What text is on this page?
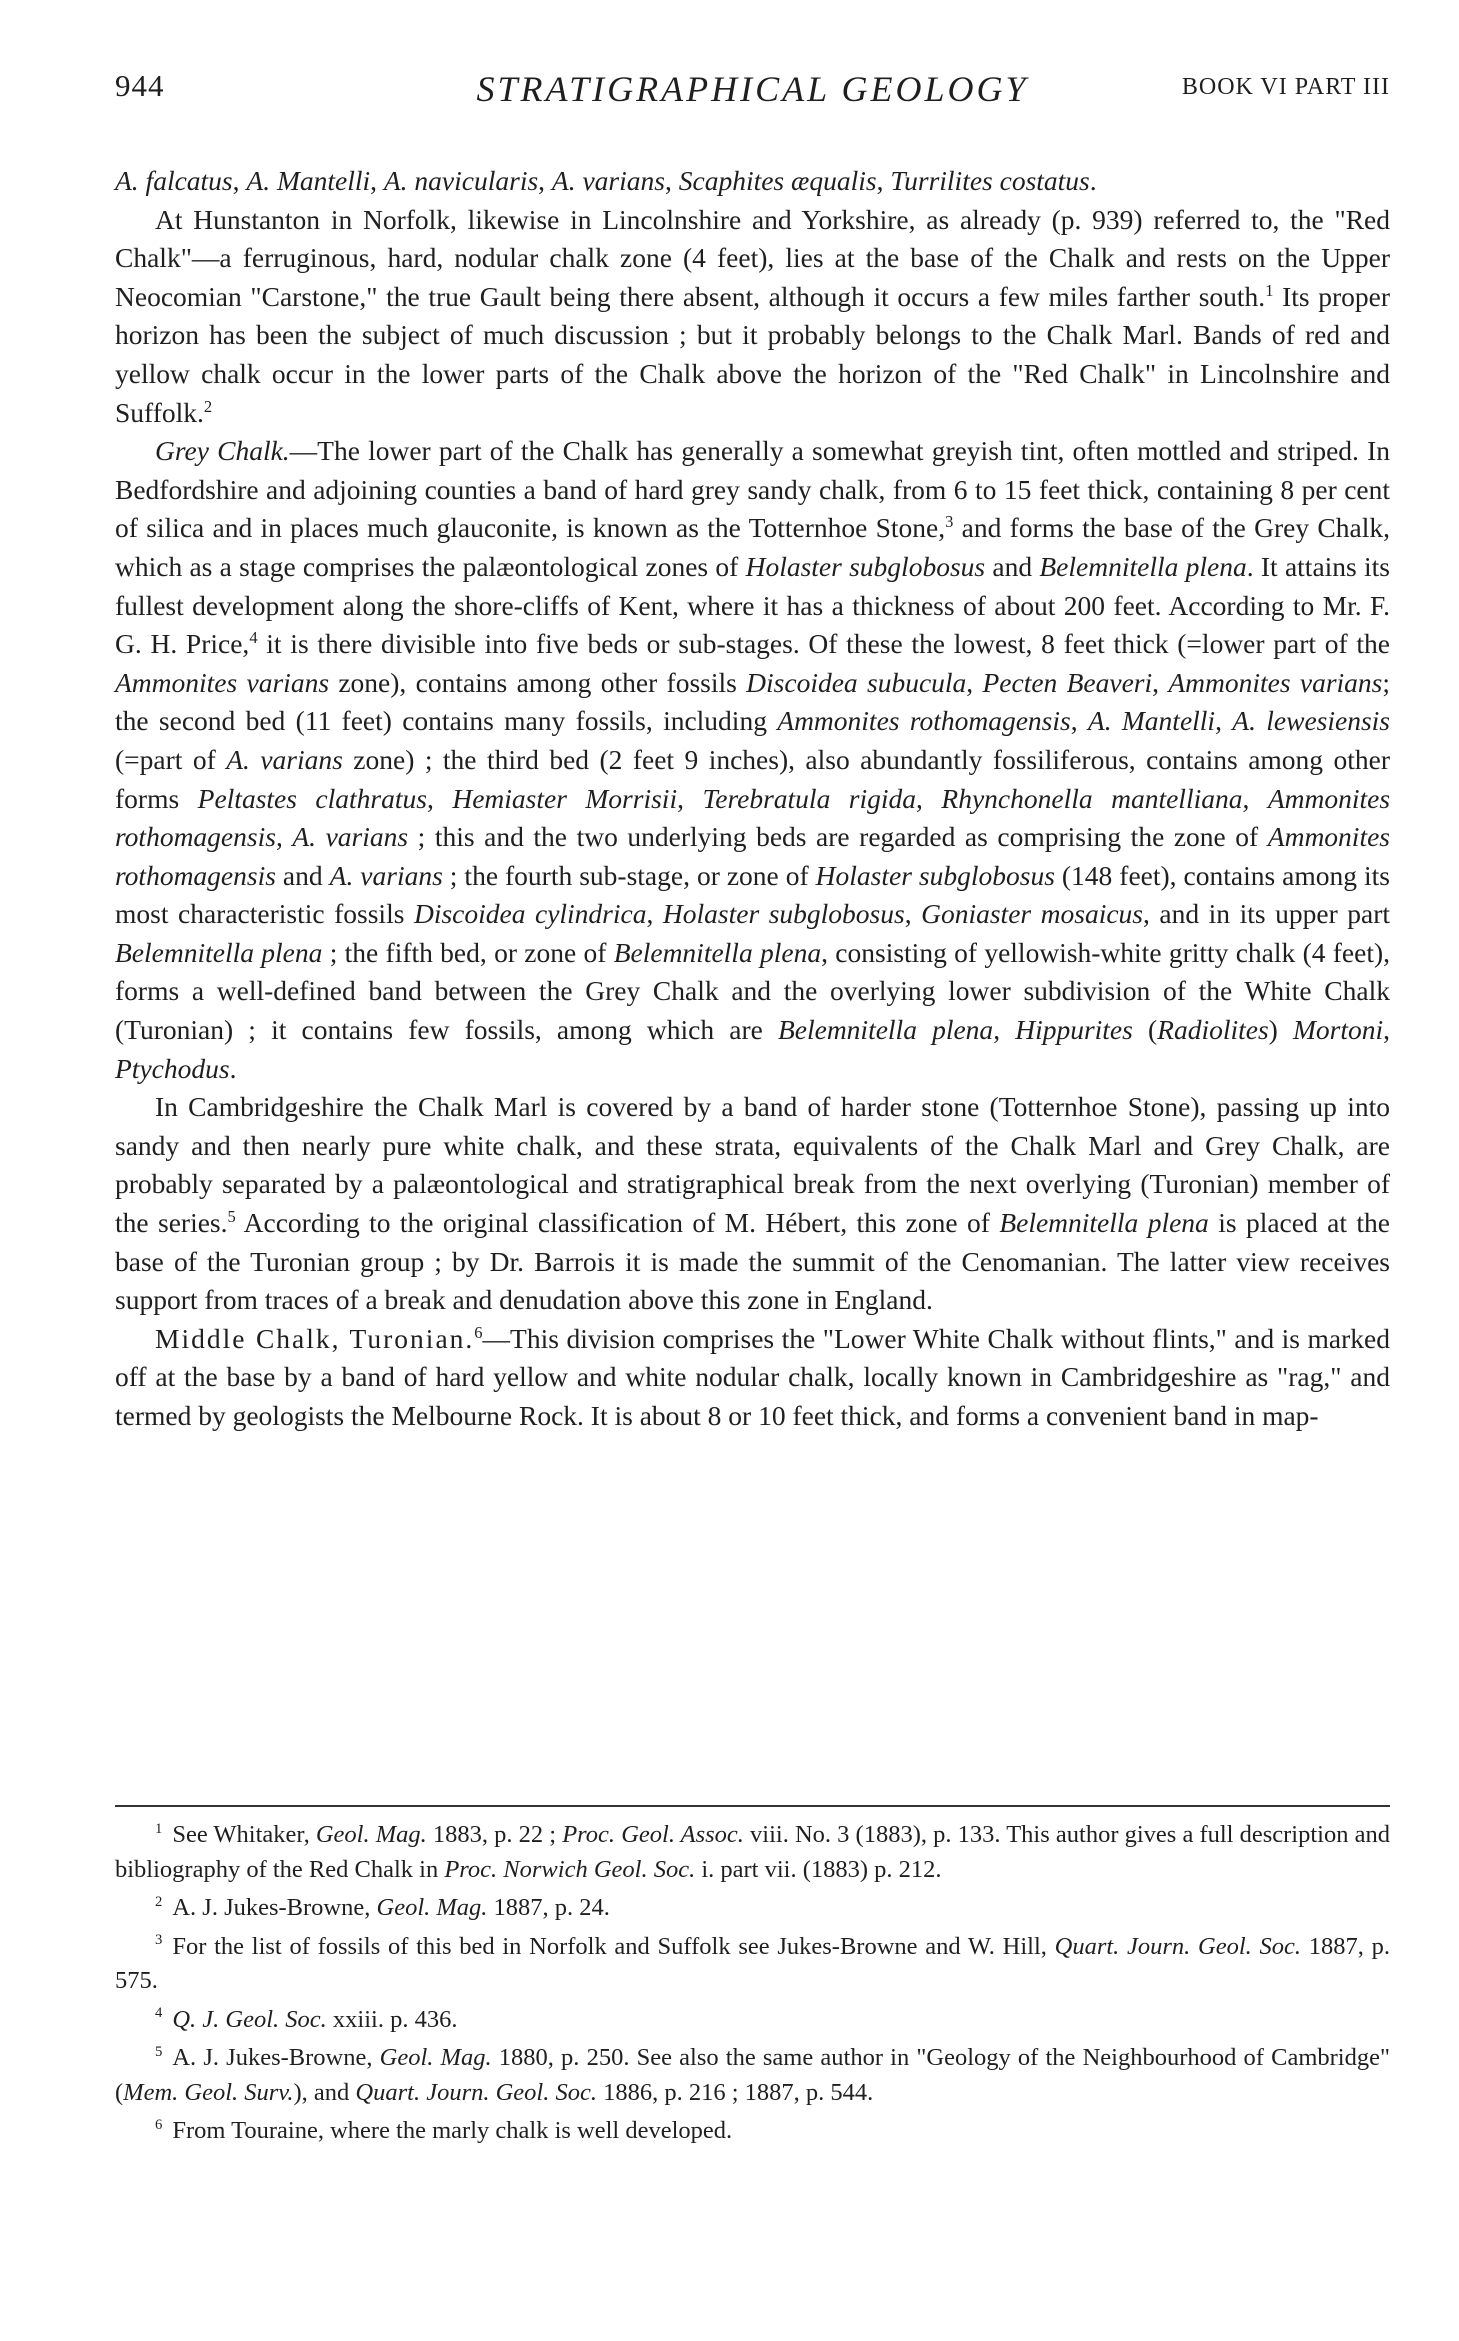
944	STRATIGRAPHICAL GEOLOGY	BOOK VI PART III

A. falcatus, A. Mantelli, A. navicularis, A. varians, Scaphites æqualis, Turrilites costatus.

At Hunstanton in Norfolk, likewise in Lincolnshire and Yorkshire, as already (p. 939) referred to, the "Red Chalk"—a ferruginous, hard, nodular chalk zone (4 feet), lies at the base of the Chalk and rests on the Upper Neocomian "Carstone," the true Gault being there absent, although it occurs a few miles farther south.$^1$ Its proper horizon has been the subject of much discussion ; but it probably belongs to the Chalk Marl. Bands of red and yellow chalk occur in the lower parts of the Chalk above the horizon of the "Red Chalk" in Lincolnshire and Suffolk.$^2$

Grey Chalk.—The lower part of the Chalk has generally a somewhat greyish tint, often mottled and striped. In Bedfordshire and adjoining counties a band of hard grey sandy chalk, from 6 to 15 feet thick, containing 8 per cent of silica and in places much glauconite, is known as the Totternhoe Stone,$^3$ and forms the base of the Grey Chalk, which as a stage comprises the palæontological zones of Holaster subglobosus and Belemnitella plena. It attains its fullest development along the shore-cliffs of Kent, where it has a thickness of about 200 feet. According to Mr. F. G. H. Price,$^4$ it is there divisible into five beds or sub-stages. Of these the lowest, 8 feet thick (=lower part of the Ammonites varians zone), contains among other fossils Discoidea subucula, Pecten Beaveri, Ammonites varians; the second bed (11 feet) contains many fossils, including Ammonites rothomagensis, A. Mantelli, A. lewesiensis (=part of A. varians zone) ; the third bed (2 feet 9 inches), also abundantly fossiliferous, contains among other forms Peltastes clathratus, Hemiaster Morrisii, Terebratula rigida, Rhynchonella mantelliana, Ammonites rothomagensis, A. varians ; this and the two underlying beds are regarded as comprising the zone of Ammonites rothomagensis and A. varians ; the fourth sub-stage, or zone of Holaster subglobosus (148 feet), contains among its most characteristic fossils Discoidea cylindrica, Holaster subglobosus, Goniaster mosaicus, and in its upper part Belemnitella plena ; the fifth bed, or zone of Belemnitella plena, consisting of yellowish-white gritty chalk (4 feet), forms a well-defined band between the Grey Chalk and the overlying lower subdivision of the White Chalk (Turonian) ; it contains few fossils, among which are Belemnitella plena, Hippurites (Radiolites) Mortoni, Ptychodus.

In Cambridgeshire the Chalk Marl is covered by a band of harder stone (Totternhoe Stone), passing up into sandy and then nearly pure white chalk, and these strata, equivalents of the Chalk Marl and Grey Chalk, are probably separated by a palæontological and stratigraphical break from the next overlying (Turonian) member of the series.$^5$ According to the original classification of M. Hébert, this zone of Belemnitella plena is placed at the base of the Turonian group ; by Dr. Barrois it is made the summit of the Cenomanian. The latter view receives support from traces of a break and denudation above this zone in England.

Middle Chalk, Turonian.$^6$—This division comprises the "Lower White Chalk without flints," and is marked off at the base by a band of hard yellow and white nodular chalk, locally known in Cambridgeshire as "rag," and termed by geologists the Melbourne Rock. It is about 8 or 10 feet thick, and forms a convenient band in map-

$^1$ See Whitaker, Geol. Mag. 1883, p. 22 ; Proc. Geol. Assoc. viii. No. 3 (1883), p. 133. This author gives a full description and bibliography of the Red Chalk in Proc. Norwich Geol. Soc. i. part vii. (1883) p. 212.

$^2$ A. J. Jukes-Browne, Geol. Mag. 1887, p. 24.

$^3$ For the list of fossils of this bed in Norfolk and Suffolk see Jukes-Browne and W. Hill, Quart. Journ. Geol. Soc. 1887, p. 575.

$^4$ Q. J. Geol. Soc. xxiii. p. 436.

$^5$ A. J. Jukes-Browne, Geol. Mag. 1880, p. 250. See also the same author in "Geology of the Neighbourhood of Cambridge" (Mem. Geol. Surv.), and Quart. Journ. Geol. Soc. 1886, p. 216 ; 1887, p. 544.

$^6$ From Touraine, where the marly chalk is well developed.
